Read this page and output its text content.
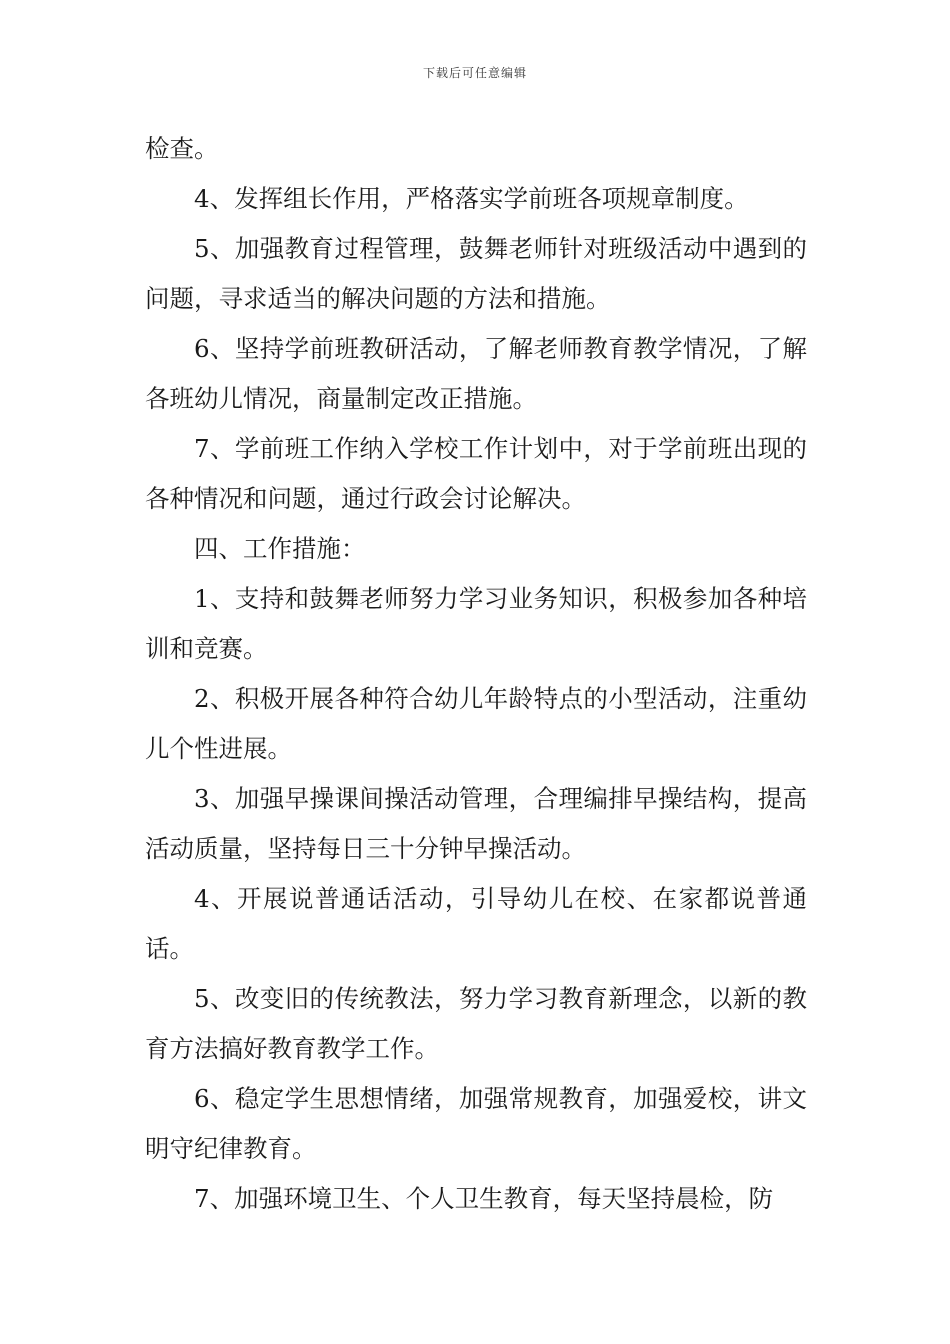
下载后可任意编辑

检查。

4、发挥组长作用，严格落实学前班各项规章制度。

5、加强教育过程管理，鼓舞老师针对班级活动中遇到的问题，寻求适当的解决问题的方法和措施。

6、坚持学前班教研活动，了解老师教育教学情况，了解各班幼儿情况，商量制定改正措施。

7、学前班工作纳入学校工作计划中，对于学前班出现的各种情况和问题，通过行政会讨论解决。

四、工作措施：

1、支持和鼓舞老师努力学习业务知识，积极参加各种培训和竞赛。

2、积极开展各种符合幼儿年龄特点的小型活动，注重幼儿个性进展。

3、加强早操课间操活动管理，合理编排早操结构，提高活动质量，坚持每日三十分钟早操活动。

4、开展说普通话活动，引导幼儿在校、在家都说普通话。

5、改变旧的传统教法，努力学习教育新理念，以新的教育方法搞好教育教学工作。

6、稳定学生思想情绪，加强常规教育，加强爱校，讲文明守纪律教育。

7、加强环境卫生、个人卫生教育，每天坚持晨检，防
